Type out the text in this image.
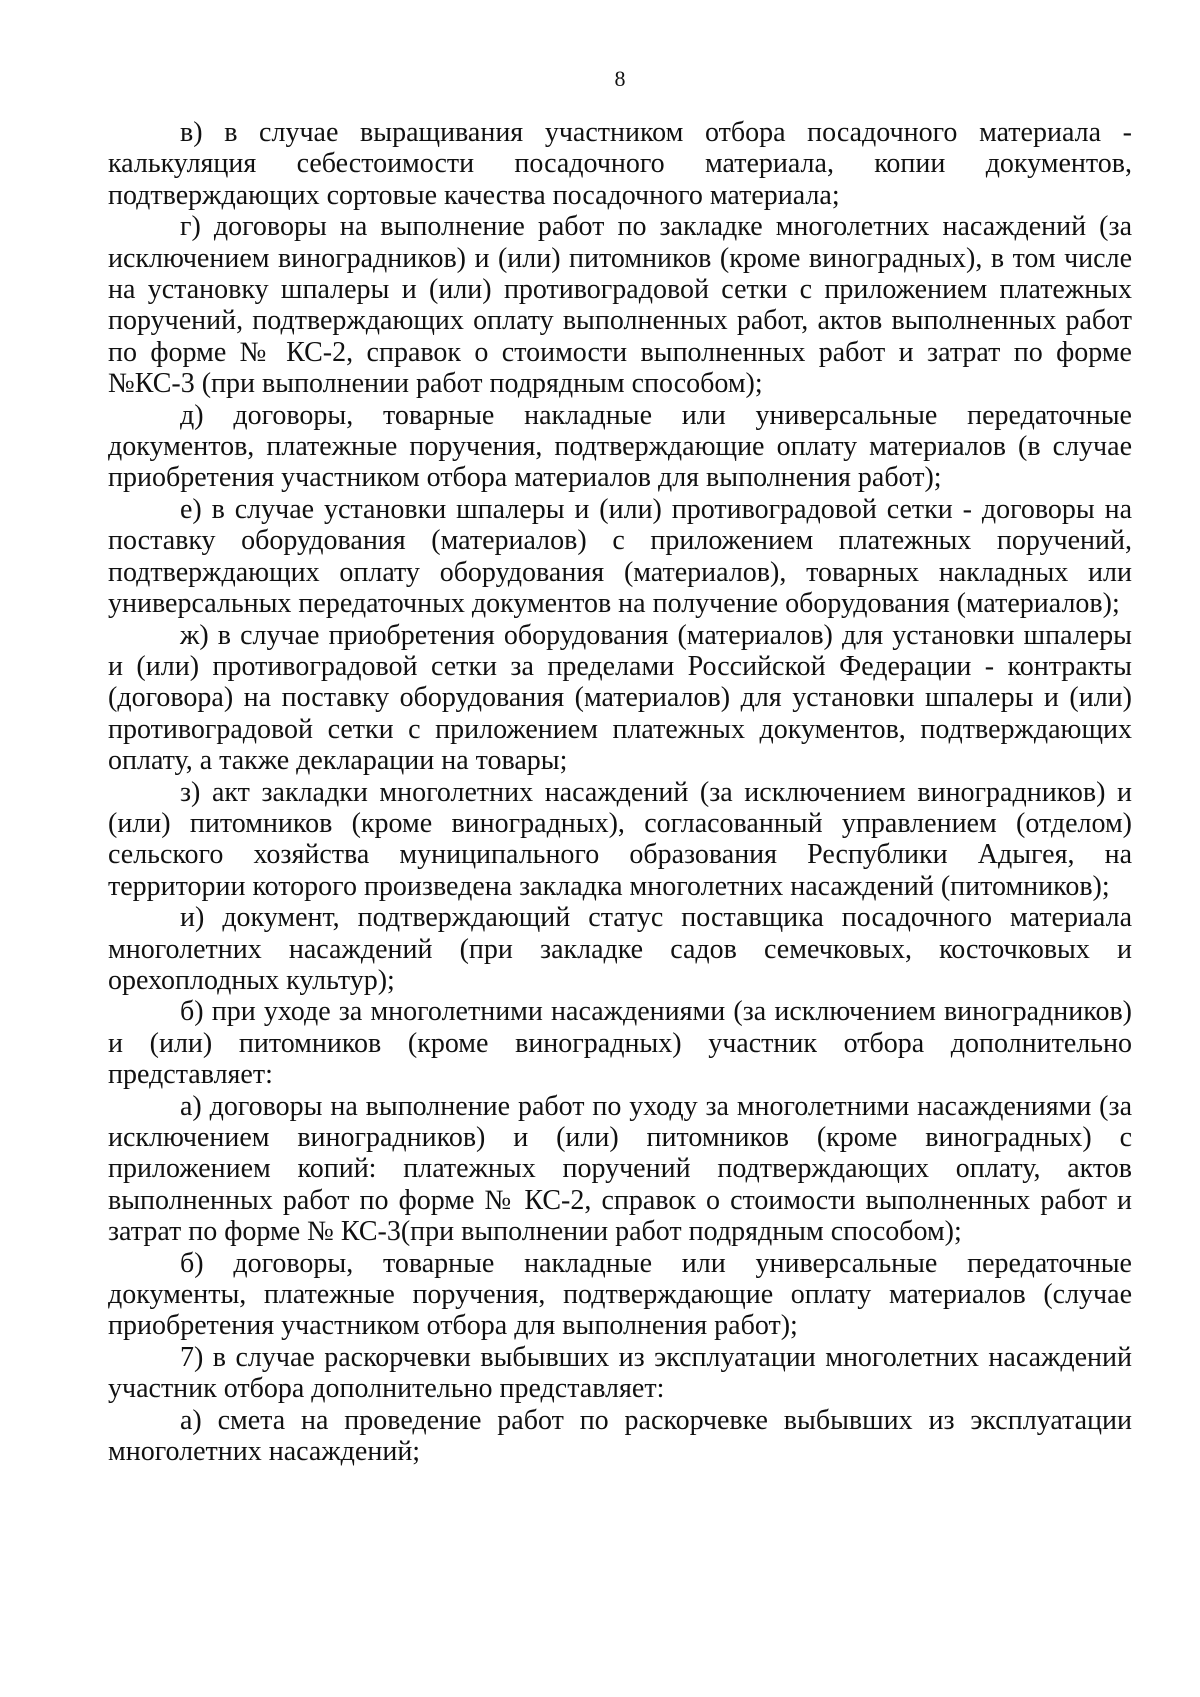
8

в) в случае выращивания участником отбора посадочного материала - калькуляция себестоимости посадочного материала, копии документов, подтверждающих сортовые качества посадочного материала;

г) договоры на выполнение работ по закладке многолетних насаждений (за исключением виноградников) и (или) питомников (кроме виноградных), в том числе на установку шпалеры и (или) противоградовой сетки с приложением платежных поручений, подтверждающих оплату выполненных работ, актов выполненных работ по форме № КС-2, справок о стоимости выполненных работ и затрат по форме №КС-3 (при выполнении работ подрядным способом);

д) договоры, товарные накладные или универсальные передаточные документов, платежные поручения, подтверждающие оплату материалов (в случае приобретения участником отбора материалов для выполнения работ);

е) в случае установки шпалеры и (или) противоградовой сетки - договоры на поставку оборудования (материалов) с приложением платежных поручений, подтверждающих оплату оборудования (материалов), товарных накладных или универсальных передаточных документов на получение оборудования (материалов);

ж) в случае приобретения оборудования (материалов) для установки шпалеры и (или) противоградовой сетки за пределами Российской Федерации - контракты (договора) на поставку оборудования (материалов) для установки шпалеры и (или) противоградовой сетки с приложением платежных документов, подтверждающих оплату, а также декларации на товары;

з) акт закладки многолетних насаждений (за исключением виноградников) и (или) питомников (кроме виноградных), согласованный управлением (отделом) сельского хозяйства муниципального образования Республики Адыгея, на территории которого произведена закладка многолетних насаждений (питомников);

и) документ, подтверждающий статус поставщика посадочного материала многолетних насаждений (при закладке садов семечковых, косточковых и орехоплодных культур);

б) при уходе за многолетними насаждениями (за исключением виноградников) и (или) питомников (кроме виноградных) участник отбора дополнительно представляет:

а) договоры на выполнение работ по уходу за многолетними насаждениями (за исключением виноградников) и (или) питомников (кроме виноградных) с приложением копий: платежных поручений подтверждающих оплату, актов выполненных работ по форме № КС-2, справок о стоимости выполненных работ и затрат по форме № КС-3(при выполнении работ подрядным способом);

б) договоры, товарные накладные или универсальные передаточные документы, платежные поручения, подтверждающие оплату материалов (случае приобретения участником отбора для выполнения работ);

7) в случае раскорчевки выбывших из эксплуатации многолетних насаждений участник отбора дополнительно представляет:

а) смета на проведение работ по раскорчевке выбывших из эксплуатации многолетних насаждений;
